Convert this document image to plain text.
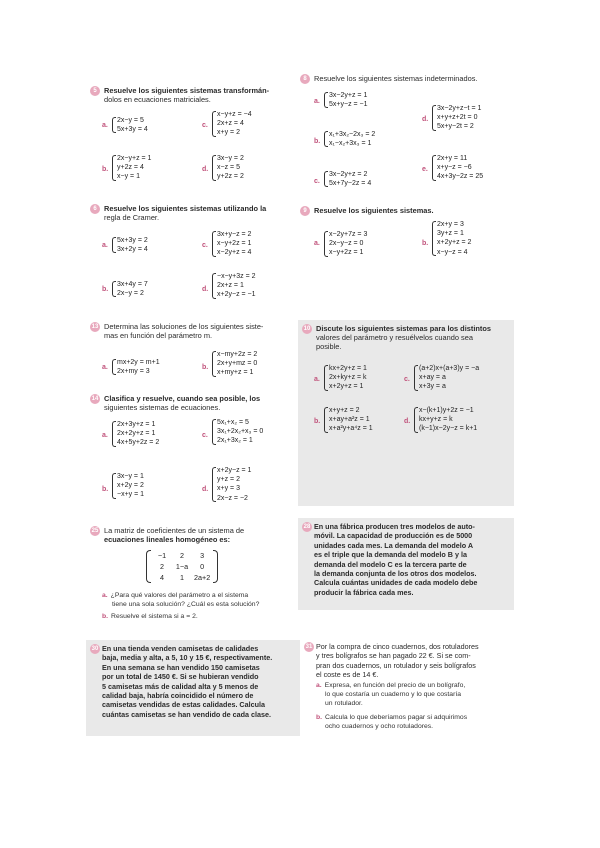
5 Resuelve los siguientes sistemas transformán-
dolos en ecuaciones matriciales.
a.
2x−y = 5
5x+3y = 4
c.
x−y+z = −4
2x+z = 4
x+y = 2
b.
2x−y+z = 1
y+2z = 4
x−y = 1
d.
3x−y = 2
x−z = 5
y+2z = 2
6 Resuelve los siguientes sistemas utilizando la
regla de Cramer.
a.
5x+3y = 2
3x+2y = 4
c.
3x+y−z = 2
x−y+2z = 1
x−2y+z = 4
b.
3x+4y = 7
2x−y = 2
d.
−x−y+3z = 2
2x+z = 1
x+2y−z = −1
8 Resuelve los siguientes sistemas indeterminados.
a.
3x−2y+z = 1
5x+y−z = −1
d.
3x−2y+z−t = 1
x+y+z+2t = 0
5x+y−2t = 2
b.
x₁+3x₂−2x₃ = 2
x₁−x₂+3x₃ = 1
e.
2x+y = 11
x+y−z = −6
4x+3y−2z = 25
c.
3x−2y+z = 2
5x+7y−2z = 4
9 Resuelve los siguientes sistemas.
a.
x−2y+7z = 3
2x−y−z = 0
x−y+2z = 1
b.
2x+y = 3
3y+z = 1
x+2y+z = 2
x−y−z = 4
13 Determina las soluciones de los siguientes siste-
mas en función del parámetro m.
a.
mx+2y = m+1
2x+my = 3
b.
x−my+2z = 2
2x+y+mz = 0
x+my+z = 1
14 Clasifica y resuelve, cuando sea posible, los
siguientes sistemas de ecuaciones.
a.
2x+3y+z = 1
2x+2y+z = 1
4x+5y+2z = 2
c.
5x₁+x₂ = 5
3x₁+2x₂+x₃ = 0
2x₁+3x₂ = 1
b.
3x−y = 1
x+2y = 2
−x+y = 1
d.
x+2y−z = 1
y+z = 2
x+y = 3
2x−z = −2
10 Discute los siguientes sistemas para los distintos
valores del parámetro y resuélvelos cuando sea
posible.
a.
kx+2y+z = 1
2x+ky+z = k
x+2y+z = 1
c.
(a+2)x+(a+3)y = −a
x+ay = a
x+3y = a
b.
x+y+z = 2
x+ay+a²z = 1
x+a²y+a⁴z = 1
d.
x−(k+1)y+2z = −1
kx+y+z = k
(k−1)x−2y−z = k+1
25 La matriz de coeficientes de un sistema de
ecuaciones lineales homogéneo es:
−1	2	3
2	1−a	0
4	1	2a+2
a. ¿Para qué valores del parámetro a el sistema
tiene una sola solución? ¿Cuál es esta solución?
b. Resuelve el sistema si a = 2.
28 En una fábrica producen tres modelos de auto-
móvil. La capacidad de producción es de 5000
unidades cada mes. La demanda del modelo A
es el triple que la demanda del modelo B y la
demanda del modelo C es la tercera parte de
la demanda conjunta de los otros dos modelos.
Calcula cuántas unidades de cada modelo debe
producir la fábrica cada mes.
30 En una tienda venden camisetas de calidades
baja, media y alta, a 5, 10 y 15 €, respectivamente.
En una semana se han vendido 150 camisetas
por un total de 1450 €. Si se hubieran vendido
5 camisetas más de calidad alta y 5 menos de
calidad baja, habría coincidido el número de
camisetas vendidas de estas calidades. Calcula
cuántas camisetas se han vendido de cada clase.
31 Por la compra de cinco cuadernos, dos rotuladores
y tres bolígrafos se han pagado 22 €. Si se com-
pran dos cuadernos, un rotulador y seis bolígrafos
el coste es de 14 €.
a. Expresa, en función del precio de un bolígrafo,
lo que costaría un cuaderno y lo que costaría
un rotulador.
b. Calcula lo que deberíamos pagar si adquirimos
ocho cuadernos y ocho rotuladores.
